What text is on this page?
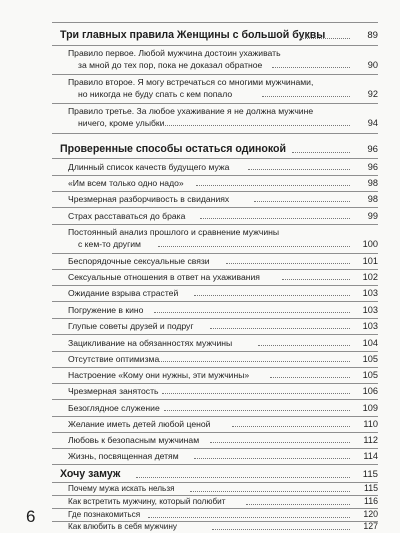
Три главных правила Женщины с большой буквы	89
Правило первое. Любой мужчина достоин ухаживать
за мной до тех пор, пока не доказал обратное	90
Правило второе. Я могу встречаться со многими мужчинами,
но никогда не буду спать с кем попало	92
Правило третье. За любое ухаживание я не должна мужчине
ничего, кроме улыбки	94
Проверенные способы остаться одинокой	96
Длинный список качеств будущего мужа	96
«Им всем только одно надо»	98
Чрезмерная разборчивость в свиданиях	98
Страх расставаться до брака	99
Постоянный анализ прошлого и сравнение мужчины
с кем-то другим	100
Беспорядочные сексуальные связи	101
Сексуальные отношения в ответ на ухаживания	102
Ожидание взрыва страстей	103
Погружение в кино	103
Глупые советы друзей и подруг	103
Зацикливание на обязанностях мужчины	104
Отсутствие оптимизма	105
Настроение «Кому они нужны, эти мужчины»	105
Чрезмерная занятость	106
Безоглядное служение	109
Желание иметь детей любой ценой	110
Любовь к безопасным мужчинам	112
Жизнь, посвященная детям	114
Хочу замуж	115
Почему мужа искать нельзя	115
Как встретить мужчину, который полюбит	116
Где познакомиться	120
Как влюбить в себя мужчину	127
6
